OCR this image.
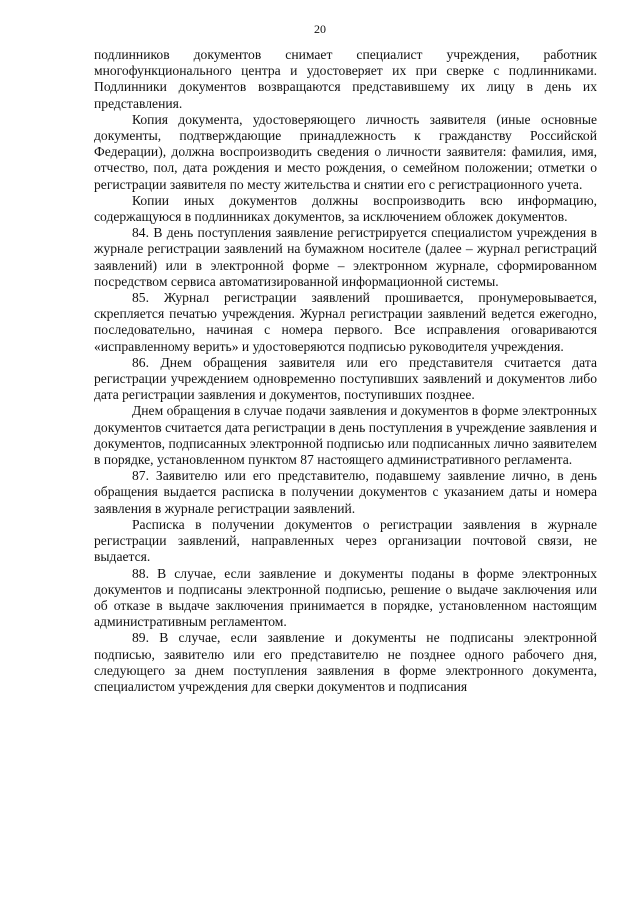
20

подлинников документов снимает специалист учреждения, работник многофункционального центра и удостоверяет их при сверке с подлинниками. Подлинники документов возвращаются представившему их лицу в день их представления.

Копия документа, удостоверяющего личность заявителя (иные основные документы, подтверждающие принадлежность к гражданству Российской Федерации), должна воспроизводить сведения о личности заявителя: фамилия, имя, отчество, пол, дата рождения и место рождения, о семейном положении; отметки о регистрации заявителя по месту жительства и снятии его с регистрационного учета.

Копии иных документов должны воспроизводить всю информацию, содержащуюся в подлинниках документов, за исключением обложек документов.

84. В день поступления заявление регистрируется специалистом учреждения в журнале регистрации заявлений на бумажном носителе (далее – журнал регистраций заявлений) или в электронной форме – электронном журнале, сформированном посредством сервиса автоматизированной информационной системы.

85. Журнал регистрации заявлений прошивается, пронумеровывается, скрепляется печатью учреждения. Журнал регистрации заявлений ведется ежегодно, последовательно, начиная с номера первого. Все исправления оговариваются «исправленному верить» и удостоверяются подписью руководителя учреждения.

86. Днем обращения заявителя или его представителя считается дата регистрации учреждением одновременно поступивших заявлений и документов либо дата регистрации заявления и документов, поступивших позднее.

Днем обращения в случае подачи заявления и документов в форме электронных документов считается дата регистрации в день поступления в учреждение заявления и документов, подписанных электронной подписью или подписанных лично заявителем в порядке, установленном пунктом 87 настоящего административного регламента.

87. Заявителю или его представителю, подавшему заявление лично, в день обращения выдается расписка в получении документов с указанием даты и номера заявления в журнале регистрации заявлений.

Расписка в получении документов о регистрации заявления в журнале регистрации заявлений, направленных через организации почтовой связи, не выдается.

88. В случае, если заявление и документы поданы в форме электронных документов и подписаны электронной подписью, решение о выдаче заключения или об отказе в выдаче заключения принимается в порядке, установленном настоящим административным регламентом.

89. В случае, если заявление и документы не подписаны электронной подписью, заявителю или его представителю не позднее одного рабочего дня, следующего за днем поступления заявления в форме электронного документа, специалистом учреждения для сверки документов и подписания
